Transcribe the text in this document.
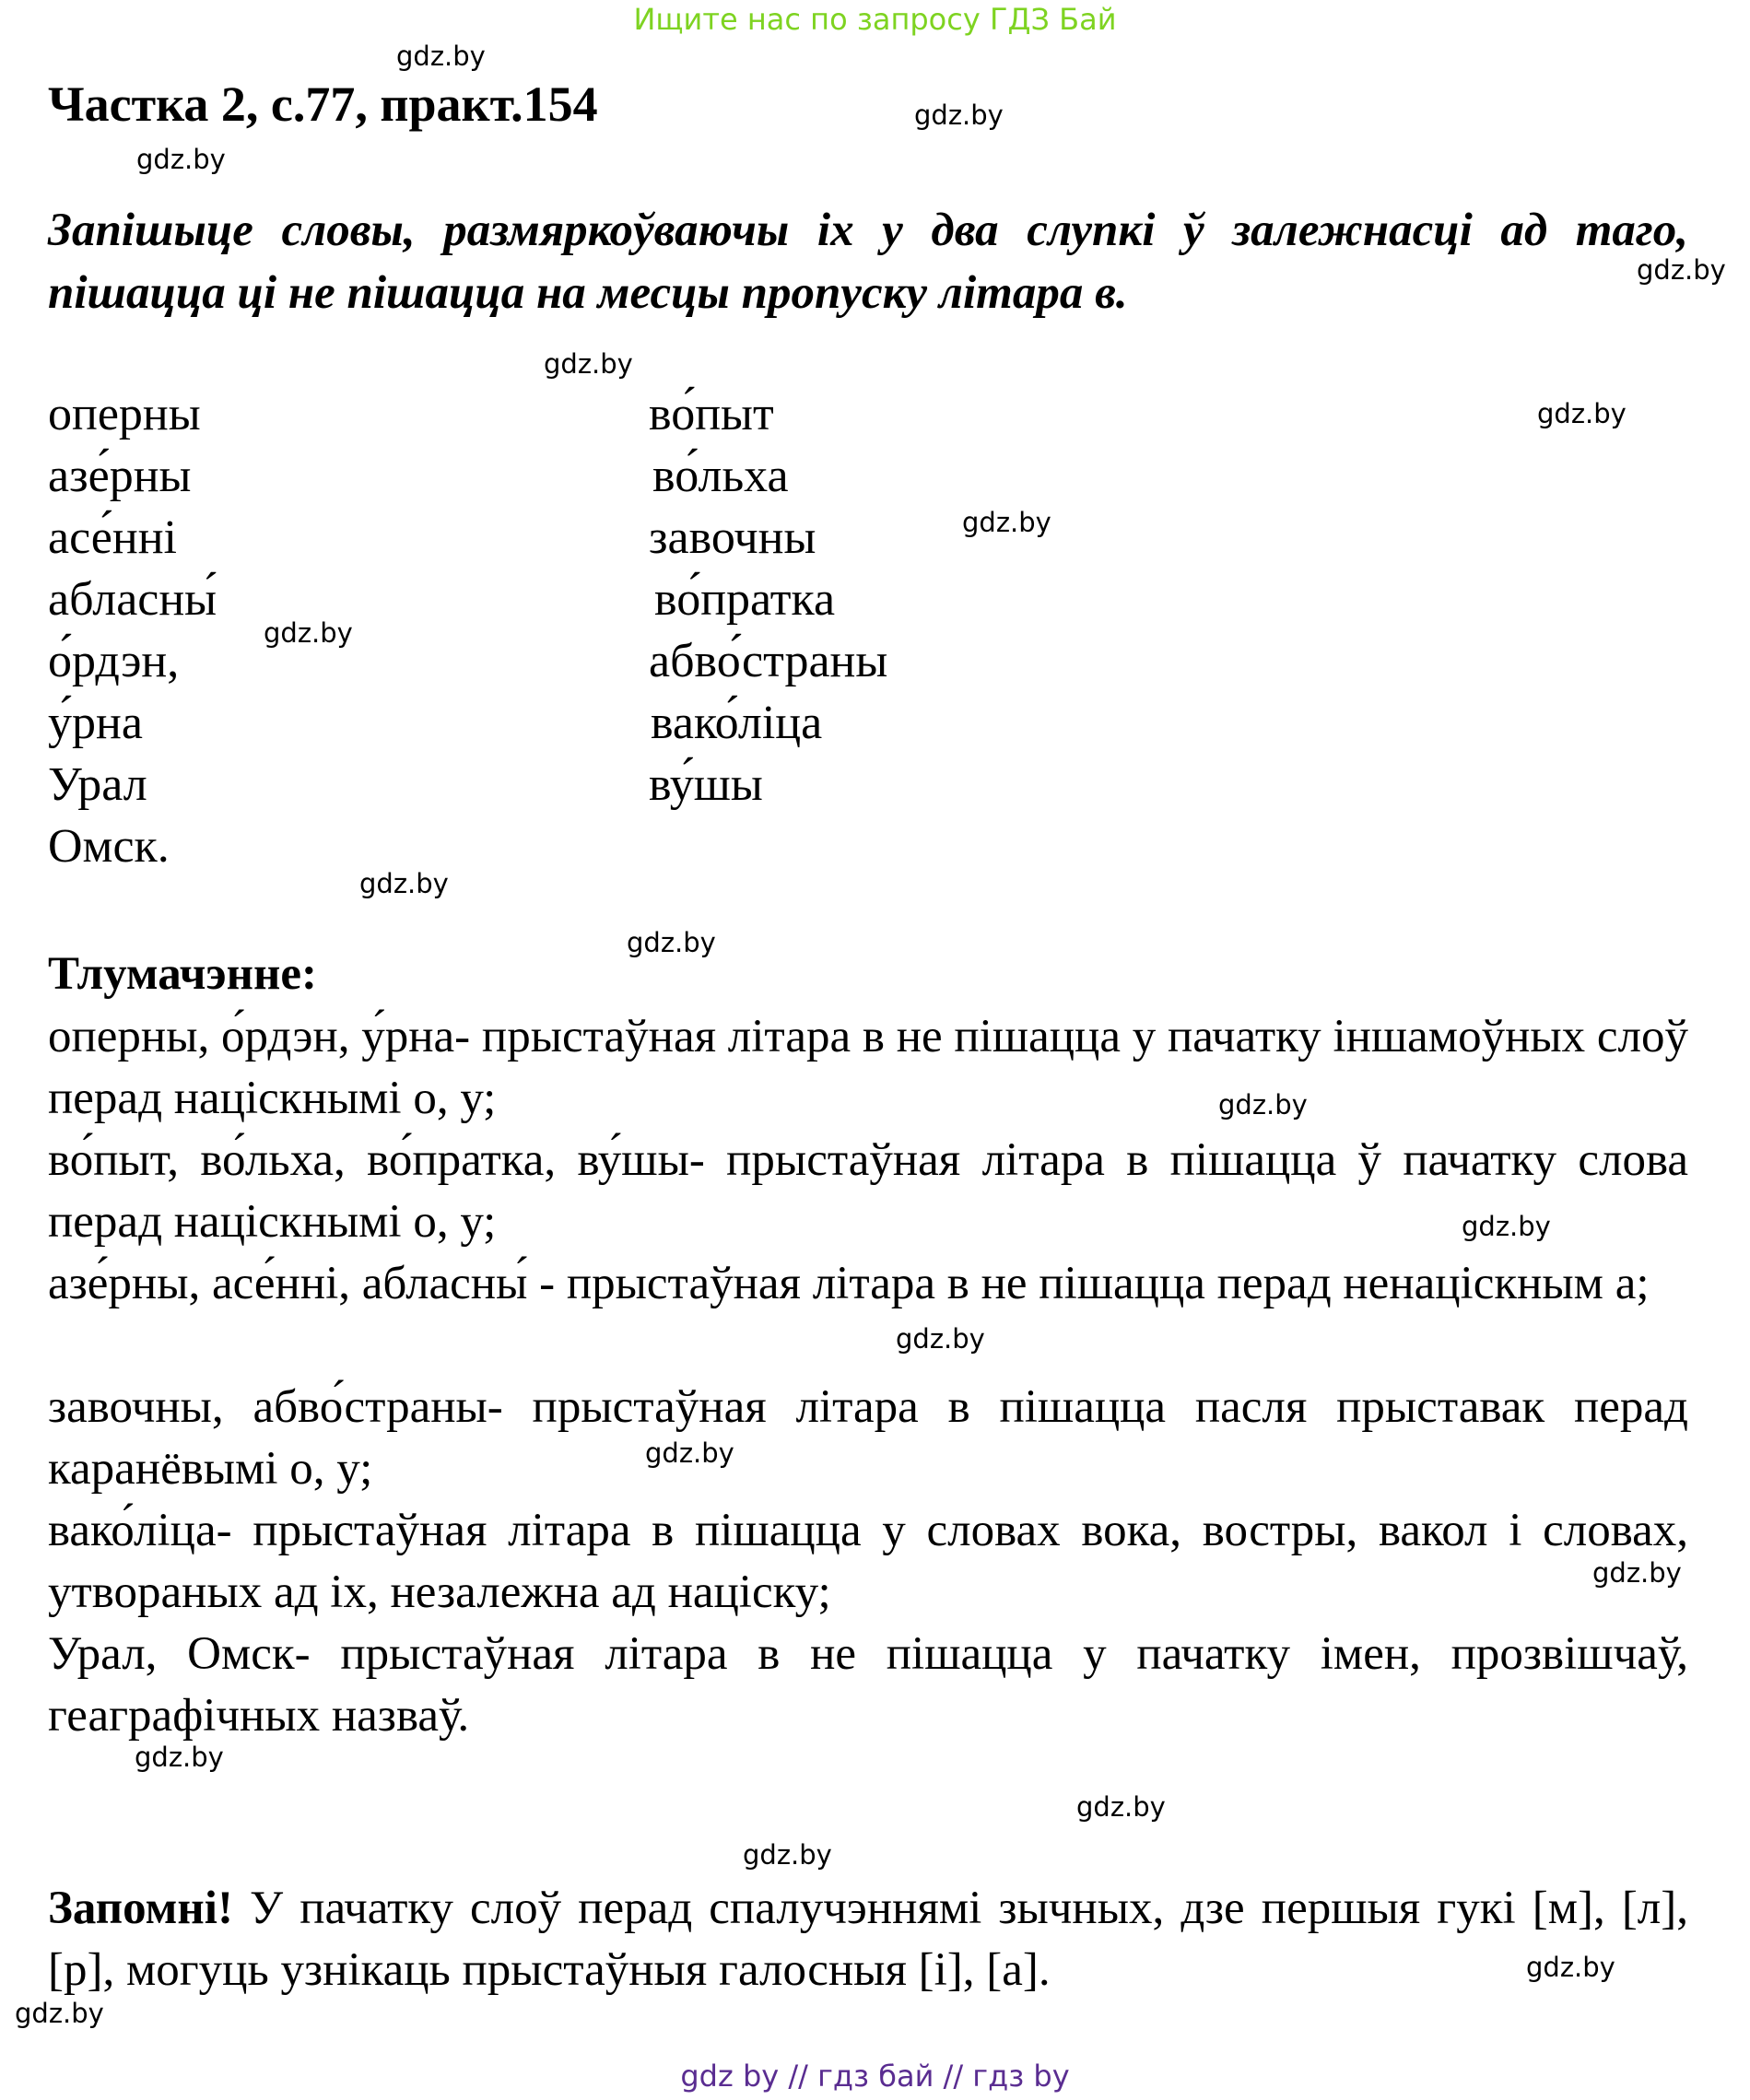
Ищите нас по запросу ГДЗ Бай
gdz.by
gdz.by
gdz.by
gdz.by
gdz.by
gdz.by
gdz.by
gdz.by
gdz.by
gdz.by
gdz.by
gdz.by
gdz.by
gdz.by
gdz.by
gdz.by
gdz.by
gdz.by
gdz.by
gdz.by
Частка 2, с.77, практ.154
Запішыце словы, размяркоўваючы іх у два слупкі ў залежнасці ад таго, пішацца ці не пішацца на месцы пропуску літара в.
оперны
азе́рны
асе́нні
абласны́
о́рдэн,
у́рна
Урал
Омск.
во́пыт
во́льха
завочны
во́пратка
абво́страны
вако́ліца
ву́шы
Тлумачэнне:
оперны, о́рдэн, у́рна- прыстаўная літара в не пішацца у пачатку іншамоўных слоў перад націскнымі о, у;
во́пыт, во́льха, во́пратка, ву́шы- прыстаўная літара в пішацца ў пачатку слова перад націскнымі о, у;
азе́рны, асе́нні, абласны́ - прыстаўная літара в не пішацца перад ненаціскным а;
завочны, абво́страны- прыстаўная літара в пішацца пасля прыставак перад каранёвымі о, у;
вако́ліца- прыстаўная літара в пішацца у словах вока, востры, вакол і словах, утвораных ад іх, незалежна ад націску;
Урал, Омск- прыстаўная літара в не пішацца у пачатку імен, прозвішчаў, геаграфічных назваў.
Запомні! У пачатку слоў перад спалучэннямі зычных, дзе першыя гукі [м], [л], [р], могуць узнікаць прыстаўныя галосныя [і], [а].
gdz by // гдз бай // гдз by
